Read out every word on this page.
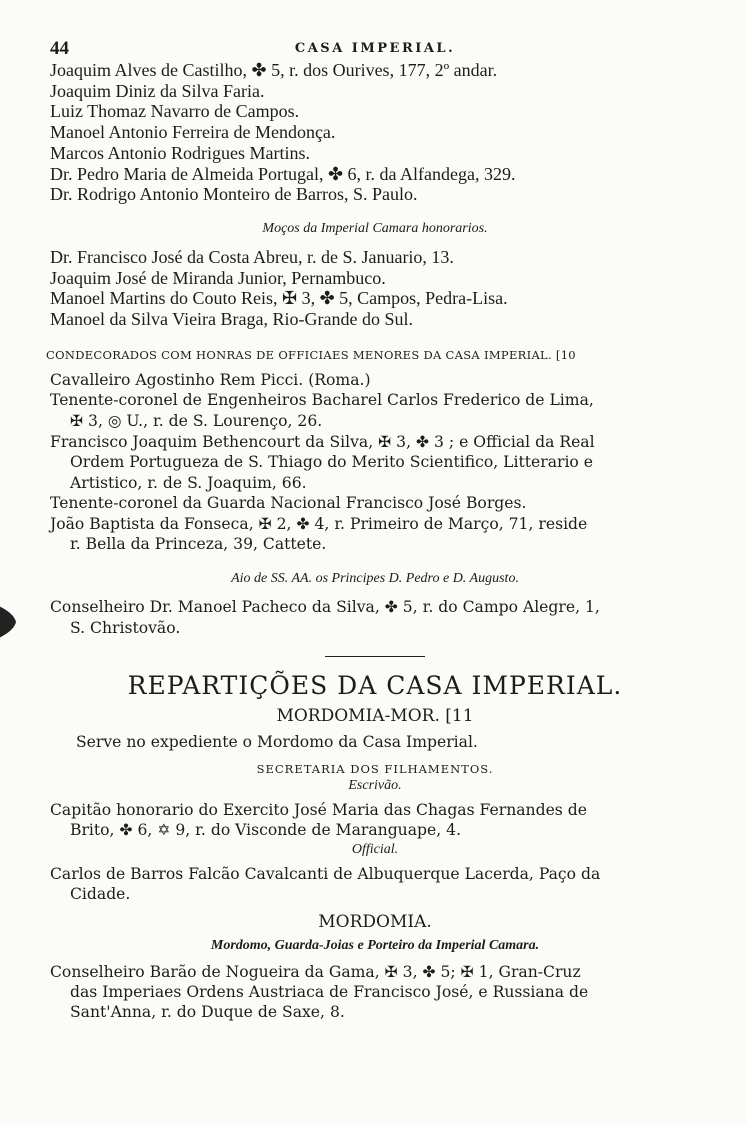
44	CASA IMPERIAL.
Joaquim Alves de Castilho, ✤ 5, r. dos Ourives, 177, 2º andar.
Joaquim Diniz da Silva Faria.
Luiz Thomaz Navarro de Campos.
Manoel Antonio Ferreira de Mendonça.
Marcos Antonio Rodrigues Martins.
Dr. Pedro Maria de Almeida Portugal, ✤ 6, r. da Alfandega, 329.
Dr. Rodrigo Antonio Monteiro de Barros, S. Paulo.
Moços da Imperial Camara honorarios.
Dr. Francisco José da Costa Abreu, r. de S. Januario, 13.
Joaquim José de Miranda Junior, Pernambuco.
Manoel Martins do Couto Reis, ✠ 3, ✤ 5, Campos, Pedra-Lisa.
Manoel da Silva Vieira Braga, Rio-Grande do Sul.
CONDECORADOS COM HONRAS DE OFFICIAES MENORES DA CASA IMPERIAL. [10
Cavalleiro Agostinho Rem Picci. (Roma.)
Tenente-coronel de Engenheiros Bacharel Carlos Frederico de Lima,
✠ 3, ◎ U., r. de S. Lourenço, 26.
Francisco Joaquim Bethencourt da Silva, ✠ 3, ✤ 3 ; e Official da Real
Ordem Portugueza de S. Thiago do Merito Scientifico, Litterario e
Artistico, r. de S. Joaquim, 66.
Tenente-coronel da Guarda Nacional Francisco José Borges.
João Baptista da Fonseca, ✠ 2, ✤ 4, r. Primeiro de Março, 71, reside
r. Bella da Princeza, 39, Cattete.
Aio de SS. AA. os Principes D. Pedro e D. Augusto.
Conselheiro Dr. Manoel Pacheco da Silva, ✤ 5, r. do Campo Alegre, 1,
S. Christovão.
REPARTIÇÕES DA CASA IMPERIAL.
MORDOMIA-MOR. [11
Serve no expediente o Mordomo da Casa Imperial.
SECRETARIA DOS FILHAMENTOS.
Escrivão.
Capitão honorario do Exercito José Maria das Chagas Fernandes de
Brito, ✤ 6, ✡ 9, r. do Visconde de Maranguape, 4.
Official.
Carlos de Barros Falcão Cavalcanti de Albuquerque Lacerda, Paço da
Cidade.
MORDOMIA.
Mordomo, Guarda-Joias e Porteiro da Imperial Camara.
Conselheiro Barão de Nogueira da Gama, ✠ 3, ✤ 5; ✠ 1, Gran-Cruz
das Imperiaes Ordens Austriaca de Francisco José, e Russiana de
Sant'Anna, r. do Duque de Saxe, 8.
